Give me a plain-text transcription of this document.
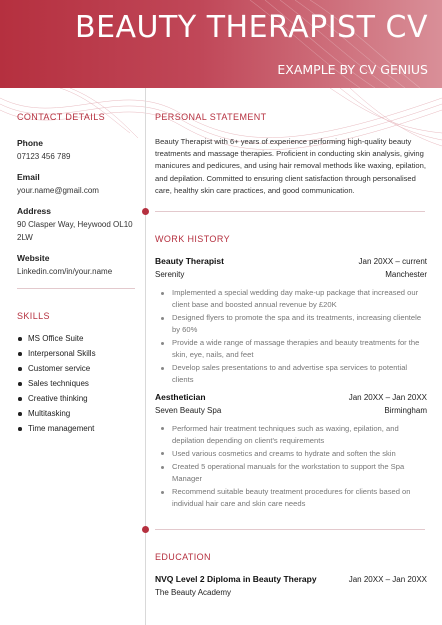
BEAUTY THERAPIST CV
EXAMPLE BY CV GENIUS
CONTACT DETAILS
Phone
07123 456 789
Email
your.name@gmail.com
Address
90 Clasper Way, Heywood OL10
2LW
Website
Linkedin.com/in/your.name
SKILLS
MS Office Suite
Interpersonal Skills
Customer service
Sales techniques
Creative thinking
Multitasking
Time management
PERSONAL STATEMENT

Beauty Therapist with 6+ years of experience performing high-quality beauty treatments and massage therapies. Proficient in conducting skin analysis, giving manicures and pedicures, and using hair removal methods like waxing, epilation, and depilation. Committed to ensuring client satisfaction through personalised care, healthy skin care practices, and good communication.

WORK HISTORY
Beauty Therapist	Jan 20XX – current
Serenity	Manchester
Implemented a special wedding day make-up package that increased our client base and boosted annual revenue by £20K
Designed flyers to promote the spa and its treatments, increasing clientele by 60%
Provide a wide range of massage therapies and beauty treatments for the skin, eye, nails, and feet
Develop sales presentations to and advertise spa services to potential clients
Aesthetician	Jan 20XX – Jan 20XX
Seven Beauty Spa	Birmingham
Performed hair treatment techniques such as waxing, epilation, and depilation depending on client's requirements
Used various cosmetics and creams to hydrate and soften the skin
Created 5 operational manuals for the workstation to support the Spa Manager
Recommend suitable beauty treatment procedures for clients based on individual hair care and skin care needs
EDUCATION
NVQ Level 2 Diploma in Beauty Therapy	Jan 20XX – Jan 20XX
The Beauty Academy
